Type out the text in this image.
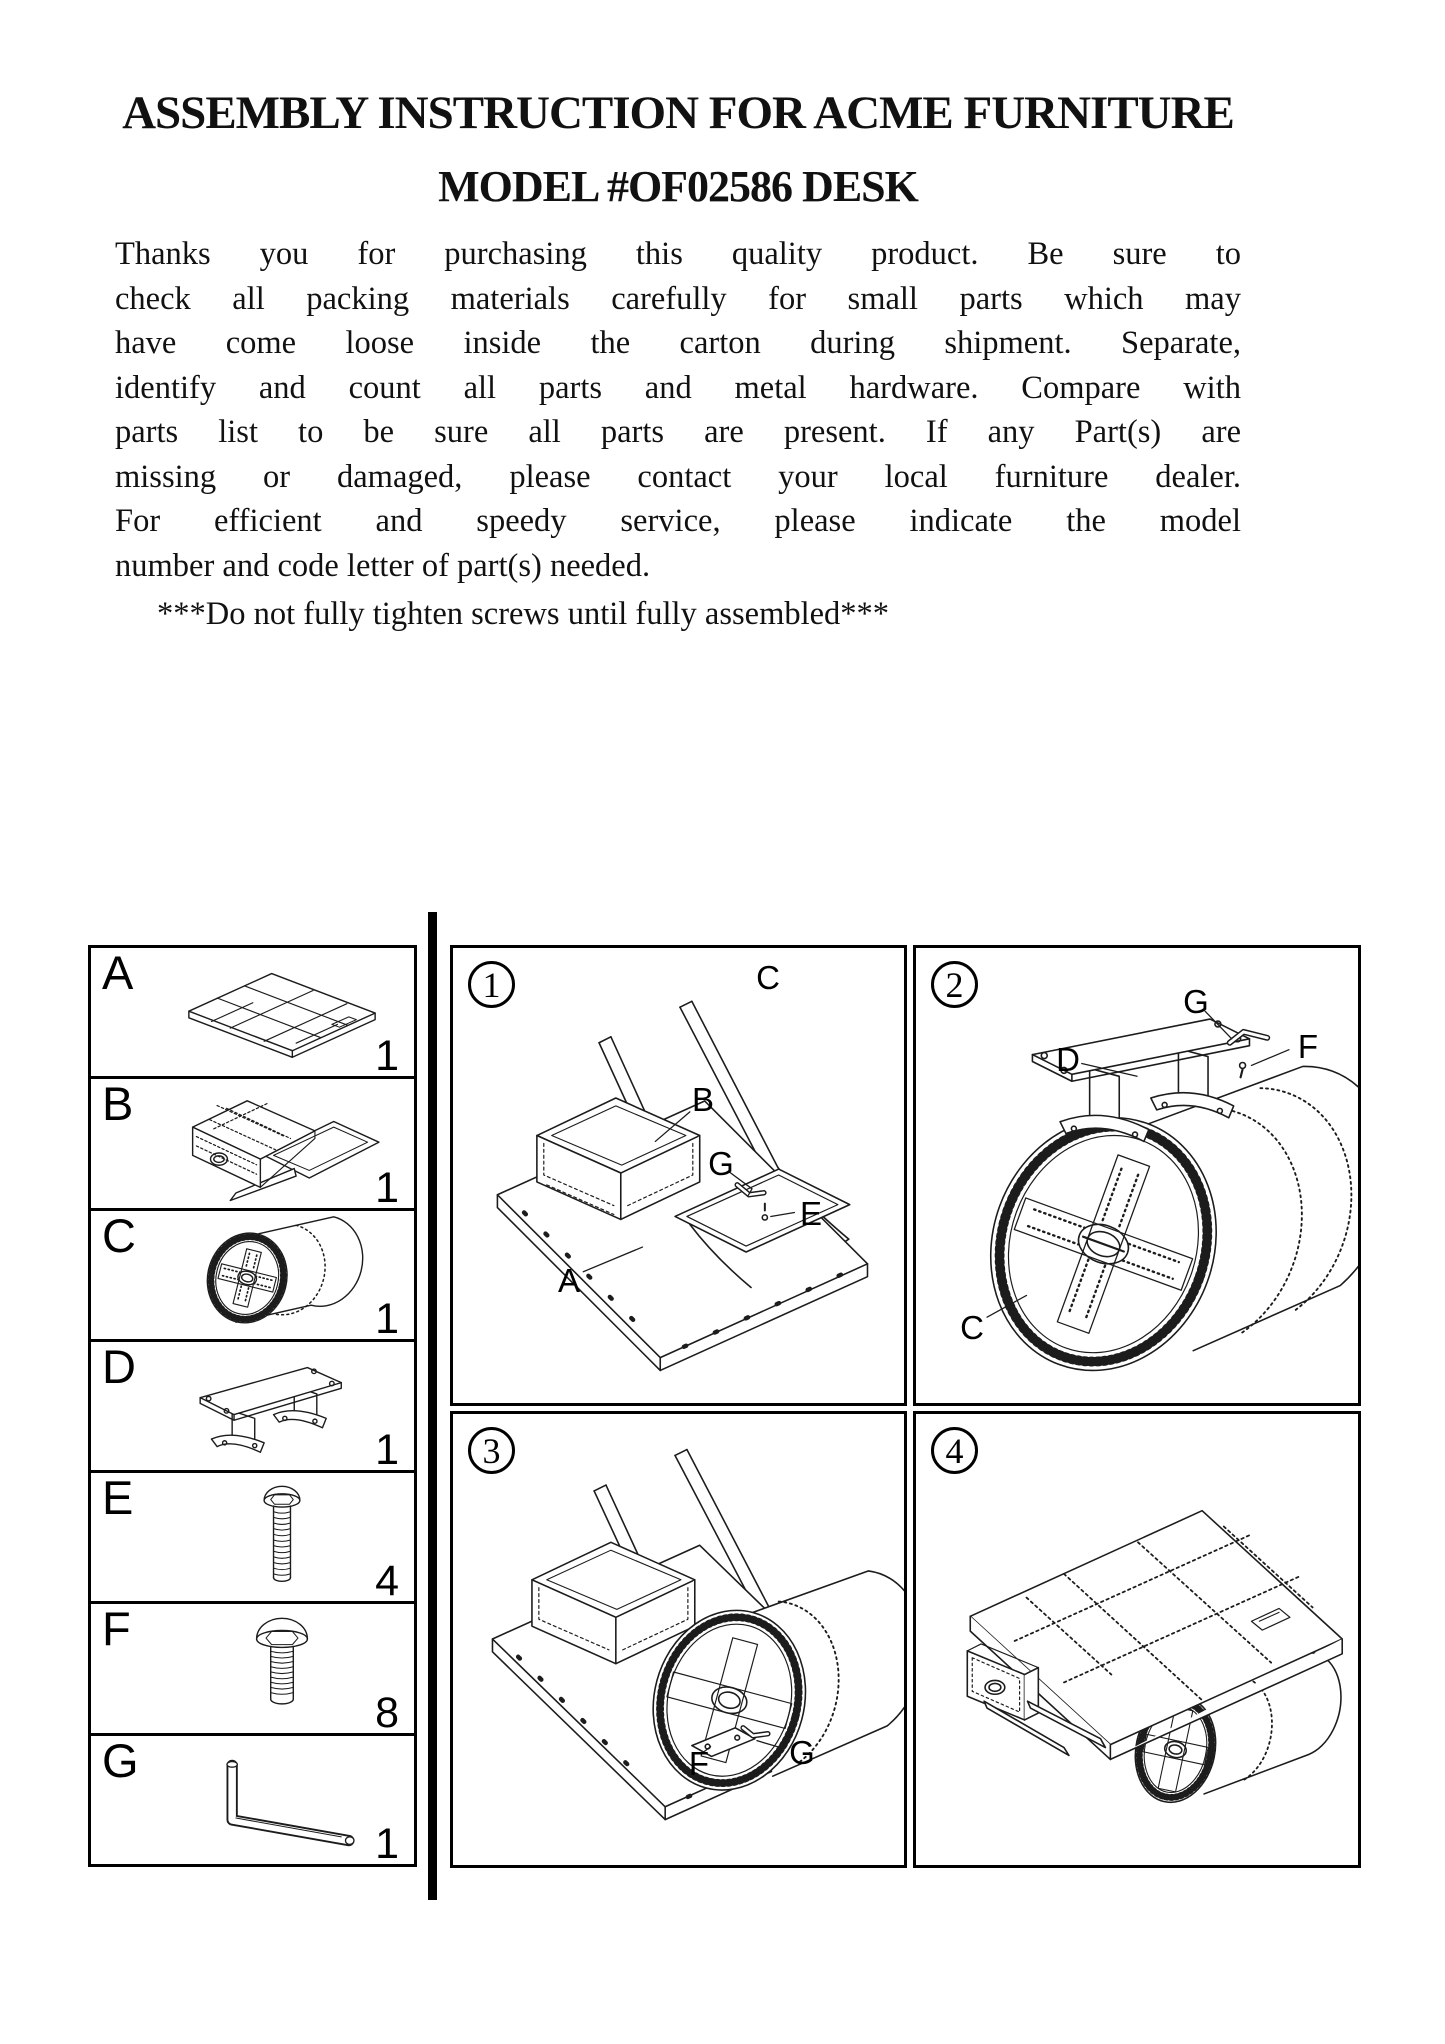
ASSEMBLY INSTRUCTION FOR ACME FURNITURE
MODEL #OF02586 DESK
Thanks you for purchasing this quality product. Be sure to
check all packing materials carefully for small parts which may
have come loose inside the carton during shipment. Separate,
identify and count all parts and metal hardware. Compare with
parts list to be sure all parts are present. If any Part(s) are
missing or damaged, please contact your local furniture dealer.
For efficient and speedy service, please indicate the model
number and code letter of part(s) needed.
***Do not fully tighten screws until fully assembled***
A
1
B
1
C
1
D
1
E
4
F
8
G
1
1	C
B
G
E
A
2	G
F
D
C
3
F G
4
